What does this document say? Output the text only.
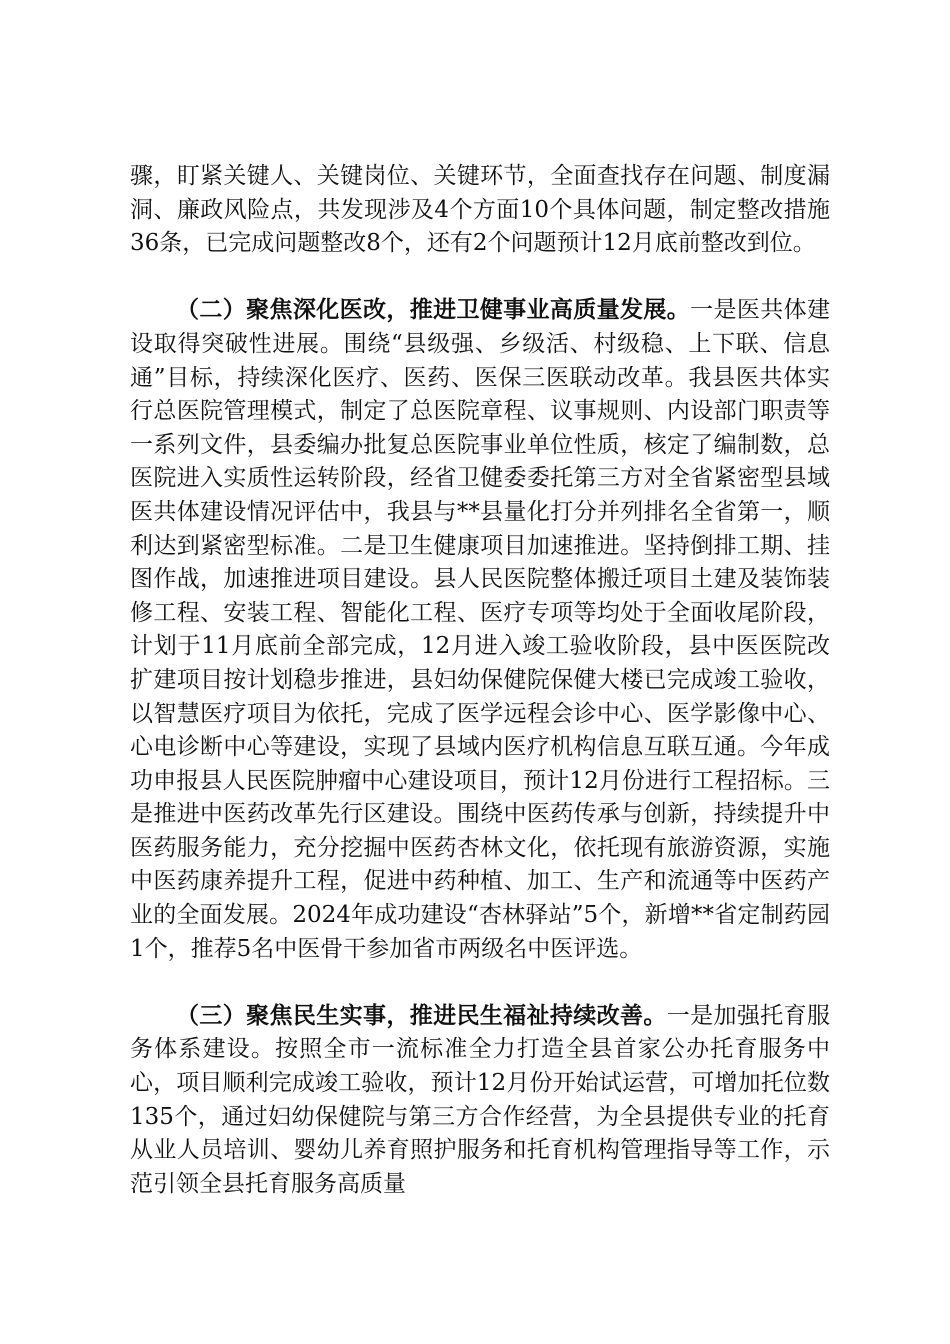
骤，盯紧关键人、关键岗位、关键环节，全面查找存在问题、制度漏洞、廉政风险点，共发现涉及4个方面10个具体问题，制定整改措施36条，已完成问题整改8个，还有2个问题预计12月底前整改到位。

（二）聚焦深化医改，推进卫健事业高质量发展。一是医共体建设取得突破性进展。围绕“县级强、乡级活、村级稳、上下联、信息通”目标，持续深化医疗、医药、医保三医联动改革。我县医共体实行总医院管理模式，制定了总医院章程、议事规则、内设部门职责等一系列文件，县委编办批复总医院事业单位性质，核定了编制数，总医院进入实质性运转阶段，经省卫健委委托第三方对全省紧密型县域医共体建设情况评估中，我县与**县量化打分并列排名全省第一，顺利达到紧密型标准。二是卫生健康项目加速推进。坚持倒排工期、挂图作战，加速推进项目建设。县人民医院整体搬迁项目土建及装饰装修工程、安装工程、智能化工程、医疗专项等均处于全面收尾阶段，计划于11月底前全部完成，12月进入竣工验收阶段，县中医医院改扩建项目按计划稳步推进，县妇幼保健院保健大楼已完成竣工验收，以智慧医疗项目为依托，完成了医学远程会诊中心、医学影像中心、心电诊断中心等建设，实现了县域内医疗机构信息互联互通。今年成功申报县人民医院肿瘤中心建设项目，预计12月份进行工程招标。三是推进中医药改革先行区建设。围绕中医药传承与创新，持续提升中医药服务能力，充分挖掘中医药杏林文化，依托现有旅游资源，实施中医药康养提升工程，促进中药种植、加工、生产和流通等中医药产业的全面发展。2024年成功建设“杏林驿站”5个，新增**省定制药园1个，推荐5名中医骨干参加省市两级名中医评选。

（三）聚焦民生实事，推进民生福祉持续改善。一是加强托育服务体系建设。按照全市一流标准全力打造全县首家公办托育服务中心，项目顺利完成竣工验收，预计12月份开始试运营，可增加托位数135个，通过妇幼保健院与第三方合作经营，为全县提供专业的托育从业人员培训、婴幼儿养育照护服务和托育机构管理指导等工作，示范引领全县托育服务高质量
